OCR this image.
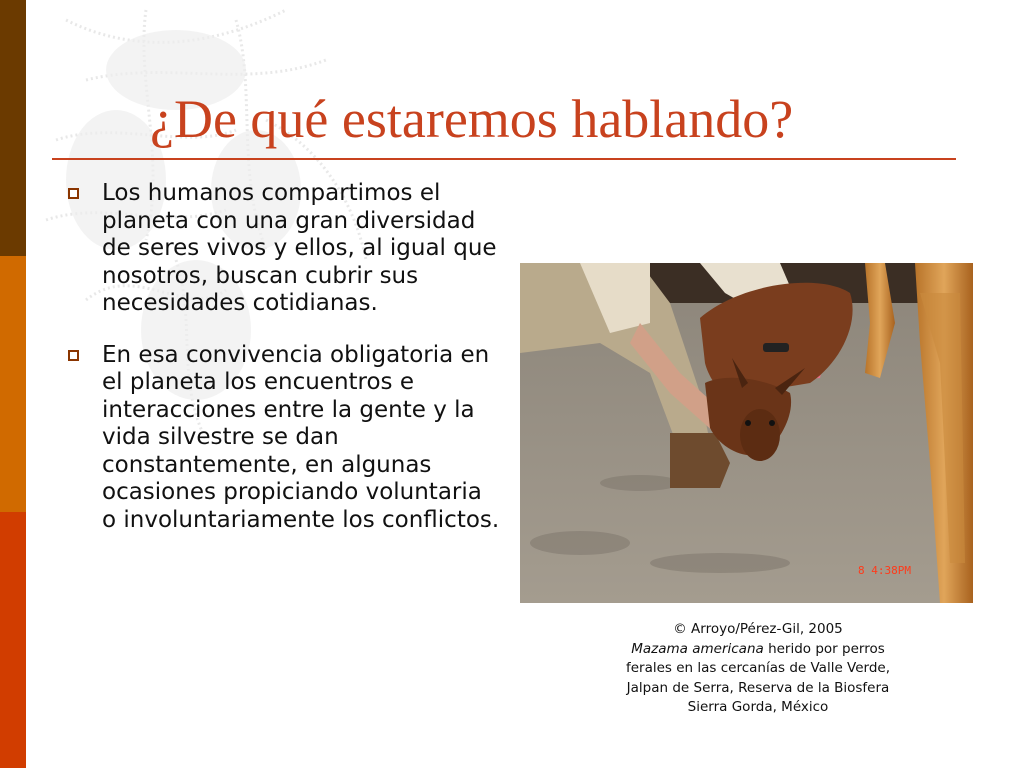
¿De qué estaremos hablando?
Los humanos compartimos el planeta con una gran diversidad de seres vivos y ellos, al igual que nosotros, buscan cubrir sus necesidades cotidianas.
En esa convivencia obligatoria en el planeta los encuentros e interacciones entre la gente y la vida silvestre se dan constantemente, en algunas ocasiones propiciando voluntaria o involuntariamente los conflictos.
8 4:38PM
© Arroyo/Pérez-Gil, 2005
Mazama americana herido por perros
ferales en las cercanías de Valle Verde,
Jalpan de Serra, Reserva de la Biosfera
Sierra Gorda, México
